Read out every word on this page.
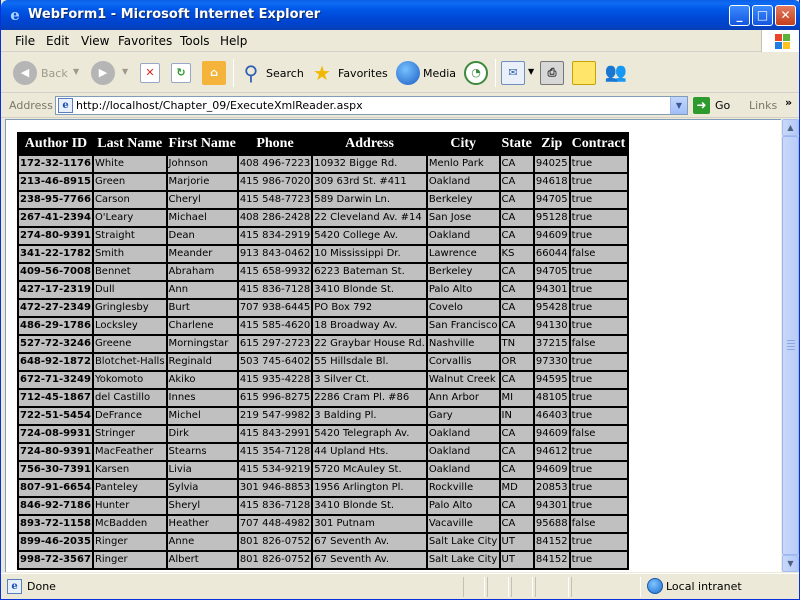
e WebForm1 - Microsoft Internet Explorer	_	□	✕
File Edit View Favorites Tools Help
◀	Back ▼	▶	▼	✕	↻	⌂	⚲ Search ★ Favorites	Media	◔	✉	▼	⎙	👥
Address e http://localhost/Chapter_09/ExecuteXmlReader.aspx	▼	➜ Go Links »
Author ID	Last Name	First Name	Phone	Address	City	State	Zip	Contract
172-32-1176	White	Johnson	408 496-7223	10932 Bigge Rd.	Menlo Park	CA	94025	true
213-46-8915	Green	Marjorie	415 986-7020	309 63rd St. #411	Oakland	CA	94618	true
238-95-7766	Carson	Cheryl	415 548-7723	589 Darwin Ln.	Berkeley	CA	94705	true
267-41-2394	O'Leary	Michael	408 286-2428	22 Cleveland Av. #14	San Jose	CA	95128	true
274-80-9391	Straight	Dean	415 834-2919	5420 College Av.	Oakland	CA	94609	true
341-22-1782	Smith	Meander	913 843-0462	10 Mississippi Dr.	Lawrence	KS	66044	false
409-56-7008	Bennet	Abraham	415 658-9932	6223 Bateman St.	Berkeley	CA	94705	true
427-17-2319	Dull	Ann	415 836-7128	3410 Blonde St.	Palo Alto	CA	94301	true
472-27-2349	Gringlesby	Burt	707 938-6445	PO Box 792	Covelo	CA	95428	true
486-29-1786	Locksley	Charlene	415 585-4620	18 Broadway Av.	San Francisco	CA	94130	true
527-72-3246	Greene	Morningstar	615 297-2723	22 Graybar House Rd.	Nashville	TN	37215	false
648-92-1872	Blotchet-Halls	Reginald	503 745-6402	55 Hillsdale Bl.	Corvallis	OR	97330	true
672-71-3249	Yokomoto	Akiko	415 935-4228	3 Silver Ct.	Walnut Creek	CA	94595	true
712-45-1867	del Castillo	Innes	615 996-8275	2286 Cram Pl. #86	Ann Arbor	MI	48105	true
722-51-5454	DeFrance	Michel	219 547-9982	3 Balding Pl.	Gary	IN	46403	true
724-08-9931	Stringer	Dirk	415 843-2991	5420 Telegraph Av.	Oakland	CA	94609	false
724-80-9391	MacFeather	Stearns	415 354-7128	44 Upland Hts.	Oakland	CA	94612	true
756-30-7391	Karsen	Livia	415 534-9219	5720 McAuley St.	Oakland	CA	94609	true
807-91-6654	Panteley	Sylvia	301 946-8853	1956 Arlington Pl.	Rockville	MD	20853	true
846-92-7186	Hunter	Sheryl	415 836-7128	3410 Blonde St.	Palo Alto	CA	94301	true
893-72-1158	McBadden	Heather	707 448-4982	301 Putnam	Vacaville	CA	95688	false
899-46-2035	Ringer	Anne	801 826-0752	67 Seventh Av.	Salt Lake City	UT	84152	true
998-72-3567	Ringer	Albert	801 826-0752	67 Seventh Av.	Salt Lake City	UT	84152	true
▲
▼
e Done	Local intranet
